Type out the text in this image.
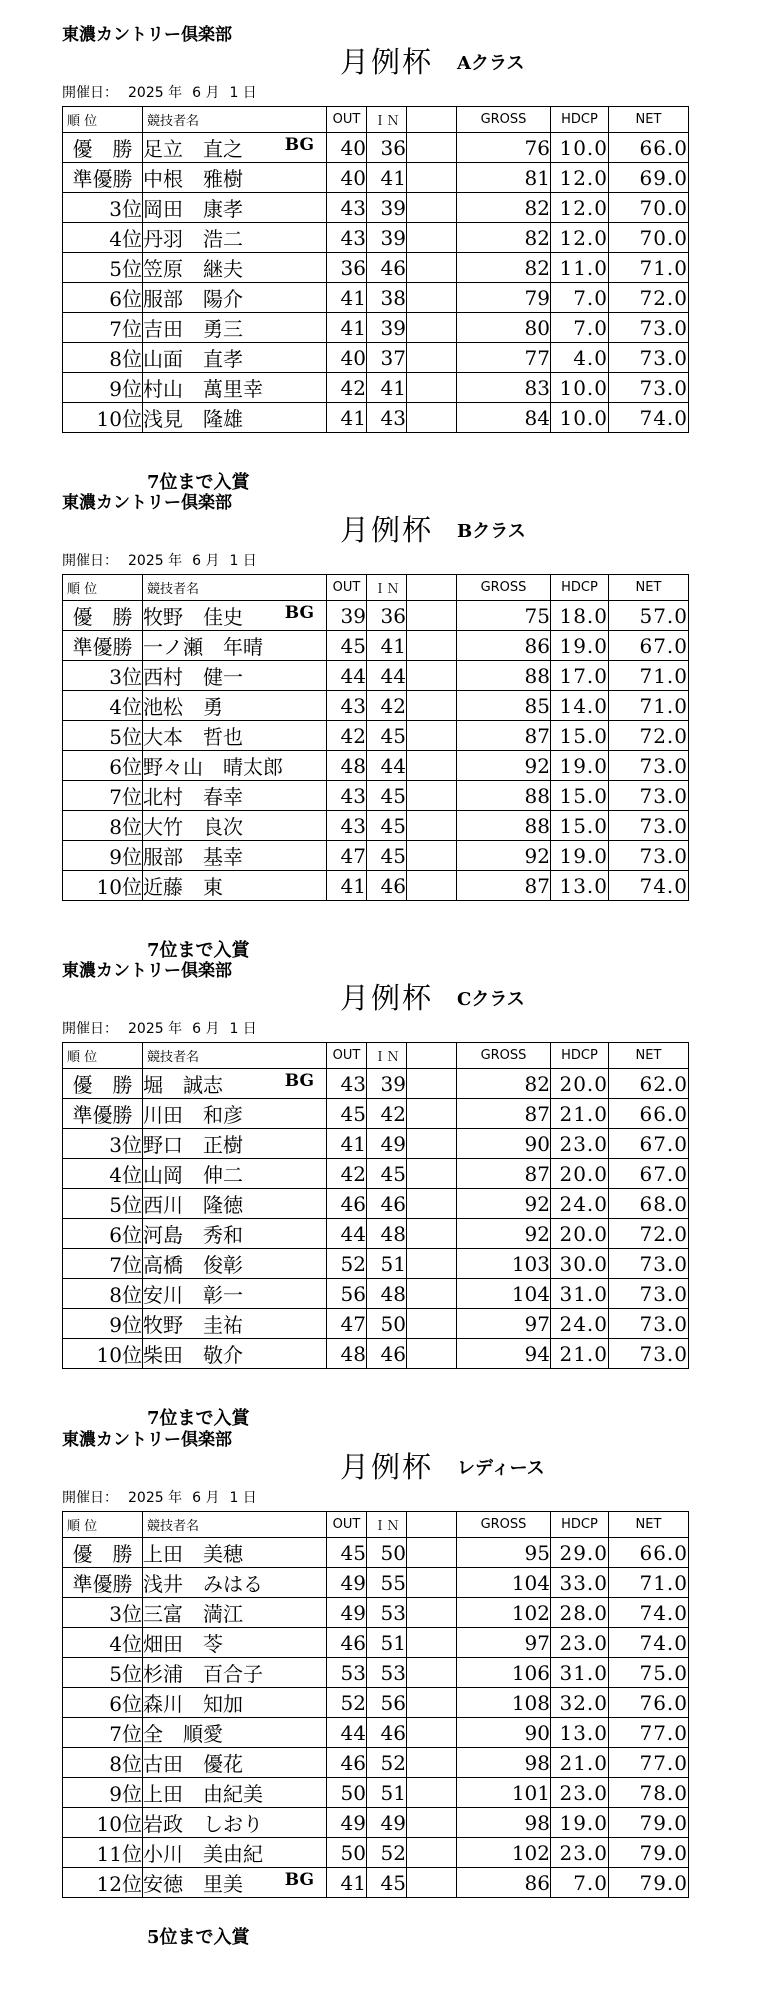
東濃カントリー倶楽部
月例杯 Aクラス
開催日： 2025 年 6 月 1 日
順 位	競技者名	OUT	ＩＮ		GROSS	HDCP	NET
優　勝	足立　直之 BG	40	36		76	10.0	66.0
準優勝	中根　雅樹	40	41		81	12.0	69.0
3位	岡田　康孝	43	39		82	12.0	70.0
4位	丹羽　浩二	43	39		82	12.0	70.0
5位	笠原　継夫	36	46		82	11.0	71.0
6位	服部　陽介	41	38		79	7.0	72.0
7位	吉田　勇三	41	39		80	7.0	73.0
8位	山面　直孝	40	37		77	4.0	73.0
9位	村山　萬里幸	42	41		83	10.0	73.0
10位	浅見　隆雄	41	43		84	10.0	74.0
7位まで入賞
東濃カントリー倶楽部
月例杯 Bクラス
開催日： 2025 年 6 月 1 日
順 位	競技者名	OUT	ＩＮ		GROSS	HDCP	NET
優　勝	牧野　佳史 BG	39	36		75	18.0	57.0
準優勝	一ノ瀬　年晴	45	41		86	19.0	67.0
3位	西村　健一	44	44		88	17.0	71.0
4位	池松　勇	43	42		85	14.0	71.0
5位	大本　哲也	42	45		87	15.0	72.0
6位	野々山　晴太郎	48	44		92	19.0	73.0
7位	北村　春幸	43	45		88	15.0	73.0
8位	大竹　良次	43	45		88	15.0	73.0
9位	服部　基幸	47	45		92	19.0	73.0
10位	近藤　東	41	46		87	13.0	74.0
7位まで入賞
東濃カントリー倶楽部
月例杯 Cクラス
開催日： 2025 年 6 月 1 日
順 位	競技者名	OUT	ＩＮ		GROSS	HDCP	NET
優　勝	堀　誠志 BG	43	39		82	20.0	62.0
準優勝	川田　和彦	45	42		87	21.0	66.0
3位	野口　正樹	41	49		90	23.0	67.0
4位	山岡　伸二	42	45		87	20.0	67.0
5位	西川　隆徳	46	46		92	24.0	68.0
6位	河島　秀和	44	48		92	20.0	72.0
7位	高橋　俊彰	52	51		103	30.0	73.0
8位	安川　彰一	56	48		104	31.0	73.0
9位	牧野　圭祐	47	50		97	24.0	73.0
10位	柴田　敬介	48	46		94	21.0	73.0
7位まで入賞
東濃カントリー倶楽部
月例杯 レディース
開催日： 2025 年 6 月 1 日
順 位	競技者名	OUT	ＩＮ		GROSS	HDCP	NET
優　勝	上田　美穂	45	50		95	29.0	66.0
準優勝	浅井　みはる	49	55		104	33.0	71.0
3位	三富　満江	49	53		102	28.0	74.0
4位	畑田　苓	46	51		97	23.0	74.0
5位	杉浦　百合子	53	53		106	31.0	75.0
6位	森川　知加	52	56		108	32.0	76.0
7位	全　順愛	44	46		90	13.0	77.0
8位	古田　優花	46	52		98	21.0	77.0
9位	上田　由紀美	50	51		101	23.0	78.0
10位	岩政　しおり	49	49		98	19.0	79.0
11位	小川　美由紀	50	52		102	23.0	79.0
12位	安徳　里美 BG	41	45		86	7.0	79.0
5位まで入賞
